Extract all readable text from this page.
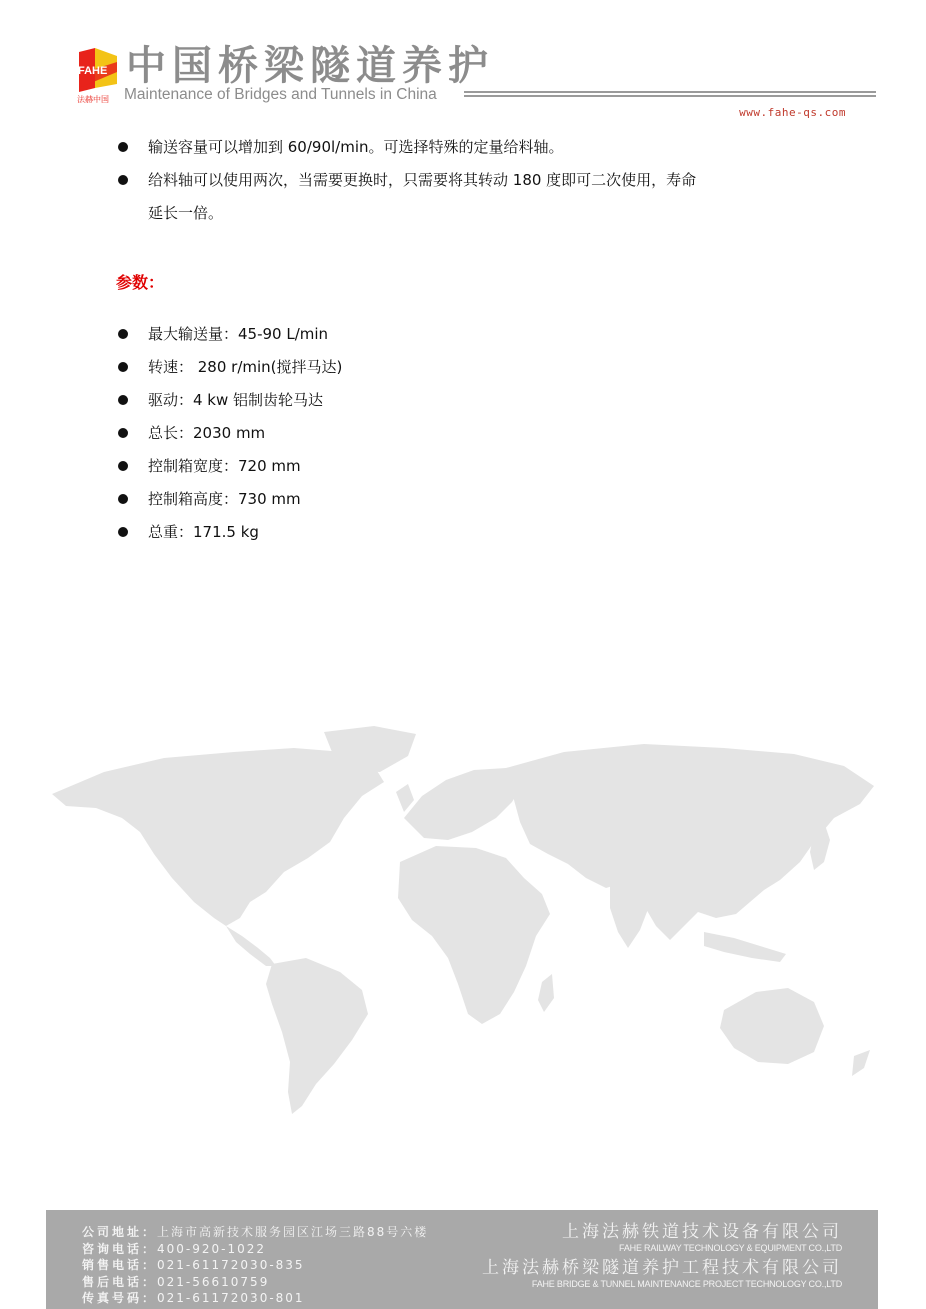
FAHE
法赫中国
中国桥梁隧道养护
Maintenance of Bridges and Tunnels in China
www.fahe-qs.com
输送容量可以增加到 60/90l/min。可选择特殊的定量给料轴。
给料轴可以使用两次，当需要更换时，只需要将其转动 180 度即可二次使用，寿命
延长一倍。
参数：
最大输送量：45-90 L/min
转速： 280 r/min(搅拌马达)
驱动：4 kw 铝制齿轮马达
总长：2030 mm
控制箱宽度：720 mm
控制箱高度：730 mm
总重：171.5 kg
公司地址：上海市高新技术服务园区江场三路88号六楼
咨询电话：400-920-1022
销售电话：021-61172030-835
售后电话：021-56610759
传真号码：021-61172030-801
上海法赫铁道技术设备有限公司
FAHE RAILWAY TECHNOLOGY & EQUIPMENT CO.,LTD
上海法赫桥梁隧道养护工程技术有限公司
FAHE BRIDGE & TUNNEL MAINTENANCE PROJECT TECHNOLOGY CO.,LTD
